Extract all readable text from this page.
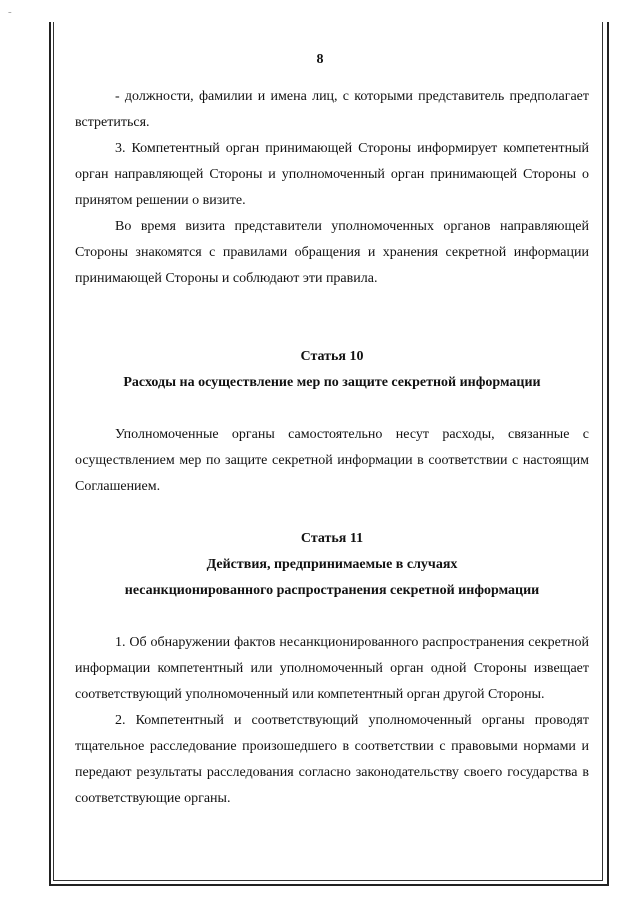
-
8

- должности, фамилии и имена лиц, с которыми представитель предполагает встретиться.

3. Компетентный орган принимающей Стороны информирует компетентный орган направляющей Стороны и уполномоченный орган принимающей Стороны о принятом решении о визите.

Во время визита представители уполномоченных органов направляющей Стороны знакомятся с правилами обращения и хранения секретной информации принимающей Стороны и соблюдают эти правила.

Статья 10
Расходы на осуществление мер по защите секретной информации

Уполномоченные органы самостоятельно несут расходы, связанные с осуществлением мер по защите секретной информации в соответствии с настоящим Соглашением.

Статья 11
Действия, предпринимаемые в случаях
несанкционированного распространения секретной информации

1. Об обнаружении фактов несанкционированного распространения секретной информации компетентный или уполномоченный орган одной Стороны извещает соответствующий уполномоченный или компетентный орган другой Стороны.

2. Компетентный и соответствующий уполномоченный органы проводят тщательное расследование произошедшего в соответствии с правовыми нормами и передают результаты расследования согласно законодательству своего государства в соответствующие органы.
